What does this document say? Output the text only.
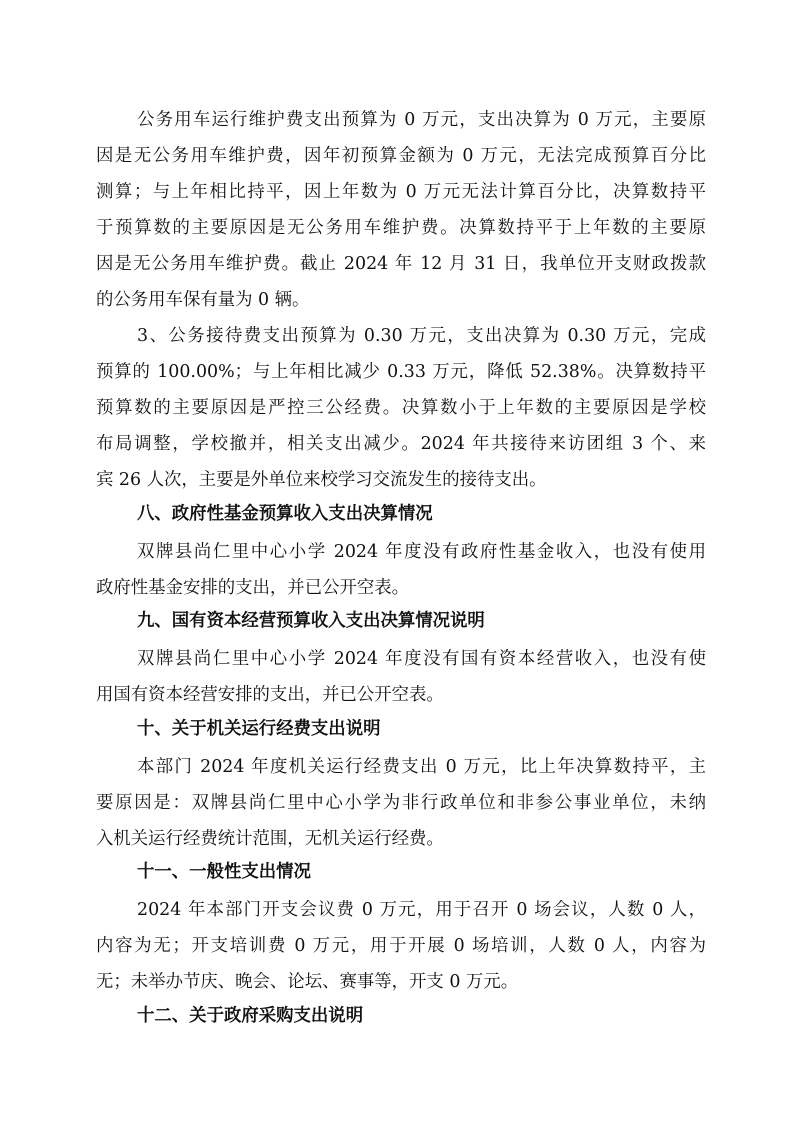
公务用车运行维护费支出预算为 0 万元，支出决算为 0 万元，主要原
因是无公务用车维护费，因年初预算金额为 0 万元，无法完成预算百分比
测算；与上年相比持平，因上年数为 0 万元无法计算百分比，决算数持平
于预算数的主要原因是无公务用车维护费。决算数持平于上年数的主要原
因是无公务用车维护费。截止 2024 年 12 月 31 日，我单位开支财政拨款
的公务用车保有量为 0 辆。
3、公务接待费支出预算为 0.30 万元，支出决算为 0.30 万元，完成
预算的 100.00%；与上年相比减少 0.33 万元，降低 52.38%。决算数持平
预算数的主要原因是严控三公经费。决算数小于上年数的主要原因是学校
布局调整，学校撤并，相关支出减少。2024 年共接待来访团组 3 个、来
宾 26 人次，主要是外单位来校学习交流发生的接待支出。
八、政府性基金预算收入支出决算情况
双牌县尚仁里中心小学 2024 年度没有政府性基金收入，也没有使用
政府性基金安排的支出，并已公开空表。
九、国有资本经营预算收入支出决算情况说明
双牌县尚仁里中心小学 2024 年度没有国有资本经营收入，也没有使
用国有资本经营安排的支出，并已公开空表。
十、关于机关运行经费支出说明
本部门 2024 年度机关运行经费支出 0 万元，比上年决算数持平，主
要原因是：双牌县尚仁里中心小学为非行政单位和非参公事业单位，未纳
入机关运行经费统计范围，无机关运行经费。
十一、一般性支出情况
2024 年本部门开支会议费 0 万元，用于召开 0 场会议，人数 0 人，
内容为无；开支培训费 0 万元，用于开展 0 场培训，人数 0 人，内容为
无；未举办节庆、晚会、论坛、赛事等，开支 0 万元。
十二、关于政府采购支出说明
